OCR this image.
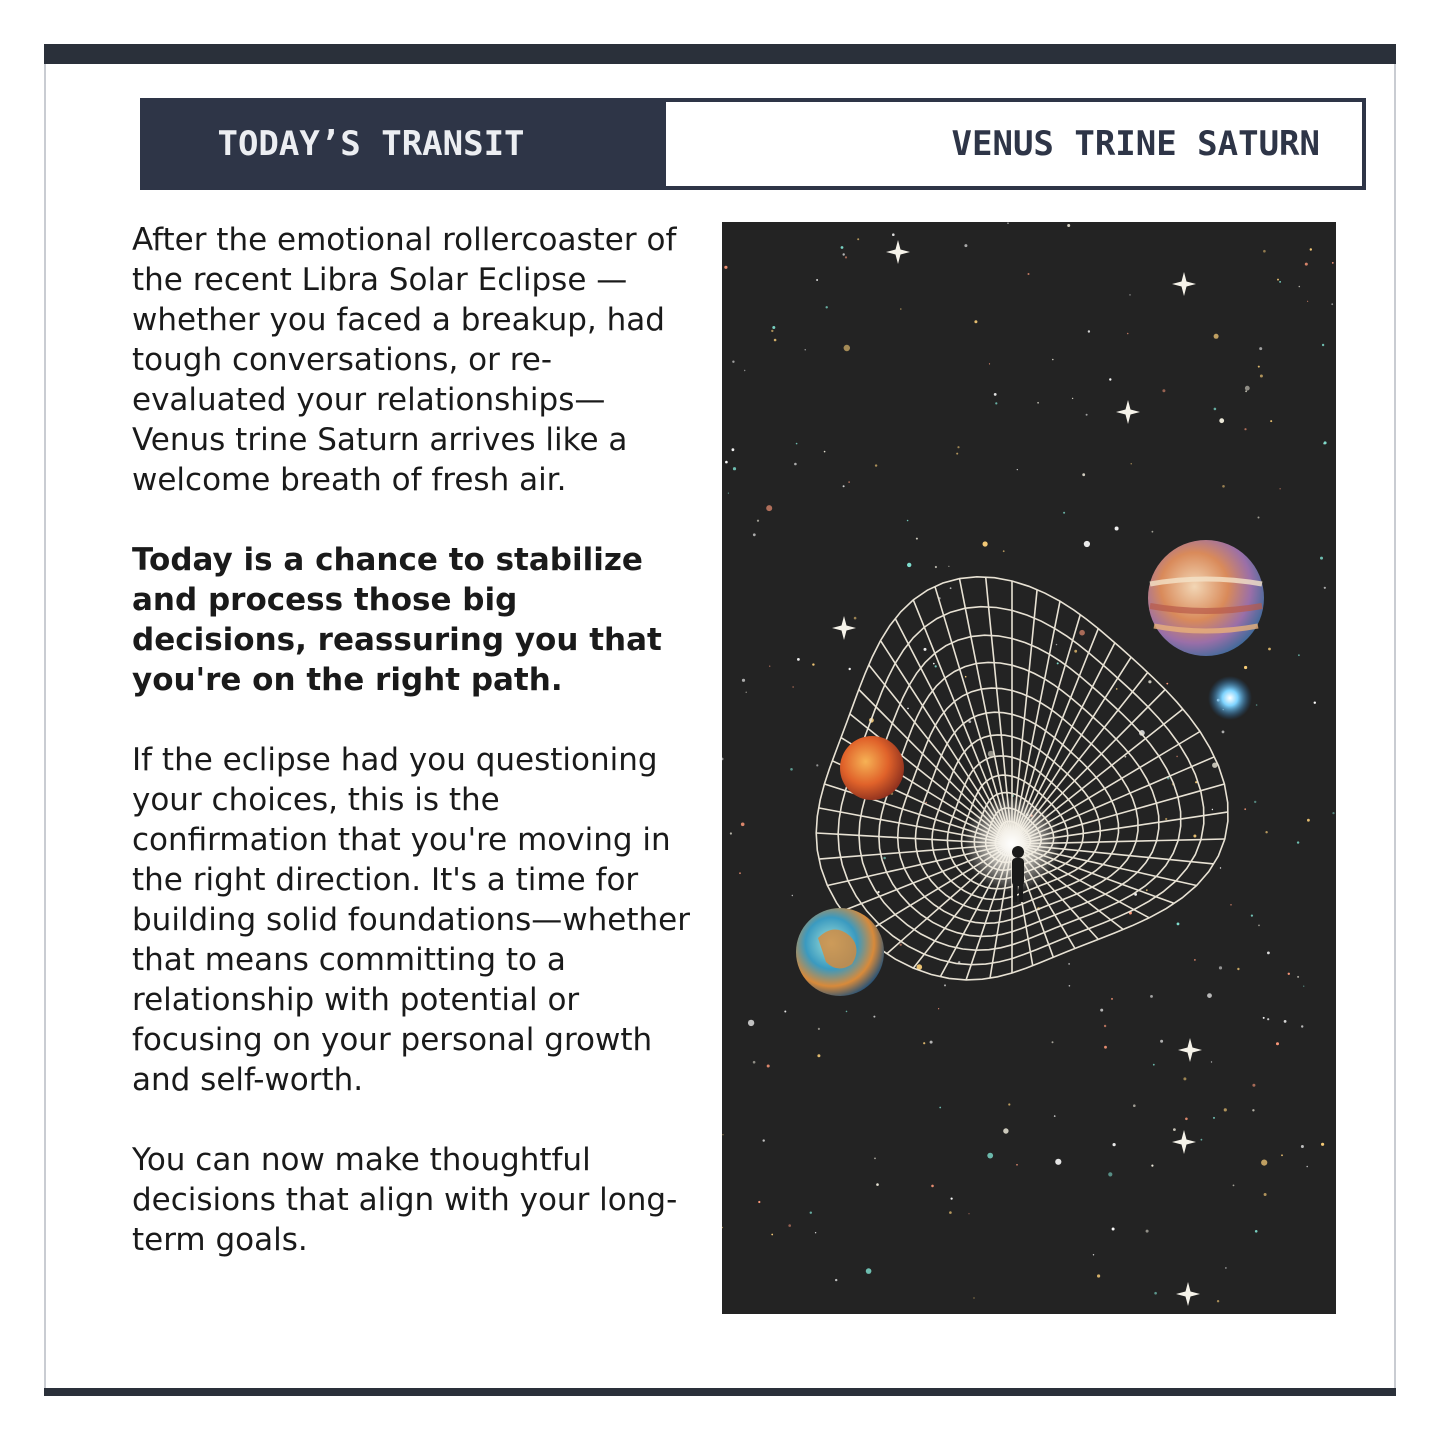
TODAY’S TRANSIT	VENUS TRINE SATURN

After the emotional rollercoaster of the recent Libra Solar Eclipse —whether you faced a breakup, had tough conversations, or re-evaluated your relationships— Venus trine Saturn arrives like a welcome breath of fresh air.

Today is a chance to stabilize and process those big decisions, reassuring you that you're on the right path.

If the eclipse had you questioning your choices, this is the confirmation that you're moving in the right direction. It's a time for building solid foundations—whether that means committing to a relationship with potential or focusing on your personal growth and self-worth.

You can now make thoughtful decisions that align with your long-term goals.
